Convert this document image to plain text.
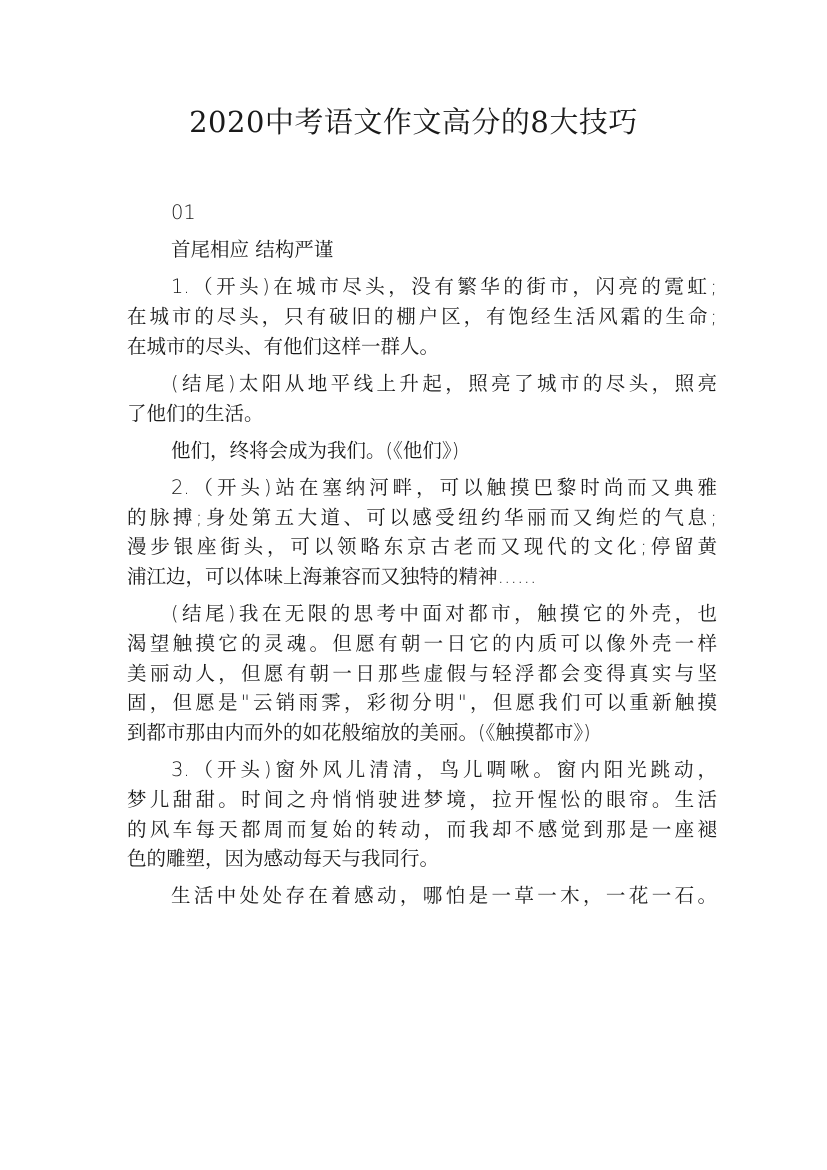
2020中考语文作文高分的8大技巧
01
首尾相应 结构严谨
1.（开头)在城市尽头，没有繁华的街市，闪亮的霓虹;
在城市的尽头，只有破旧的棚户区，有饱经生活风霜的生命;
在城市的尽头、有他们这样一群人。
(结尾)太阳从地平线上升起，照亮了城市的尽头，照亮
了他们的生活。
他们，终将会成为我们。(《他们》)
2.（开头)站在塞纳河畔，可以触摸巴黎时尚而又典雅
的脉搏;身处第五大道、可以感受纽约华丽而又绚烂的气息;
漫步银座街头，可以领略东京古老而又现代的文化;停留黄
浦江边，可以体味上海兼容而又独特的精神……
(结尾)我在无限的思考中面对都市，触摸它的外壳，也
渴望触摸它的灵魂。但愿有朝一日它的内质可以像外壳一样
美丽动人，但愿有朝一日那些虚假与轻浮都会变得真实与坚
固，但愿是"云销雨霁，彩彻分明"，但愿我们可以重新触摸
到都市那由内而外的如花般缩放的美丽。(《触摸都市》)
3.（开头)窗外风儿清清，鸟儿啁啾。窗内阳光跳动，
梦儿甜甜。时间之舟悄悄驶进梦境，拉开惺忪的眼帘。生活
的风车每天都周而复始的转动，而我却不感觉到那是一座褪
色的雕塑，因为感动每天与我同行。
生活中处处存在着感动，哪怕是一草一木，一花一石。
